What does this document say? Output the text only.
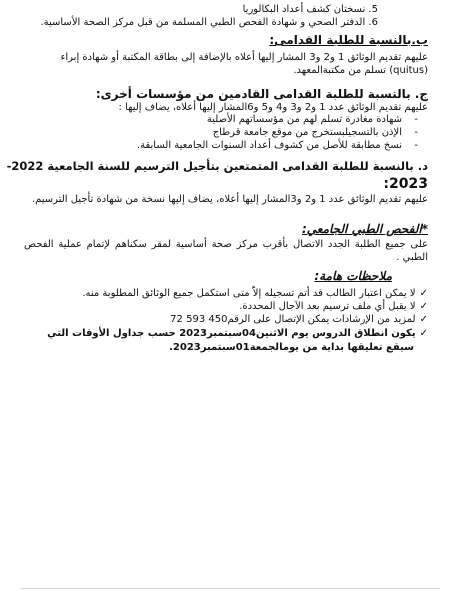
5. نسختان كشف أعداد البكالوريا
6. الدفتر الصحي و شهادة الفحص الطبي المسلمة من قبل مركز الصحة الأساسية.
ب.بالنسبة للطلبة القدامى:
عليهم تقديم الوثائق 1 و2 و3 المشار إليها أعلاه بالإضافة إلى بطاقة المكتبة أو شهادة إبراء
(quitus) تسلم من مكتبةالمعهد.
ج. بالنسبة للطلبة القدامى القادمين من مؤسسات أخرى:
عليهم تقديم الوثائق عدد 1 و2 و3 و4 و5 و6المشار إليها أعلاه، يضاف إليها :
-
شهادة مغادرة تسلم لهم من مؤسساتهم الأصلية
-
الإذن بالتسجيلبستخرج من موقع جامعة قرطاج
-
نسخ مطابقة للأصل من كشوف أعداد السنوات الجامعية السابقة.
د. بالنسبة للطلبة القدامى المتمتعين بتأجيل الترسيم للسنة الجامعية 2022-
2023:
عليهم تقديم الوثائق عدد 1 و2 و3المشار إليها أعلاه، يضاف إليها نسخة من شهادة تأجيل الترسيم.
*الفحص الطبي الجامعي:
على جميع الطلبة الجدد الاتصال بأقرب مركز صحة أساسية لمقر سكناهم لإتمام عملية الفحص الطبي .
ملاحظات هامة:
✓لا يمكن اعتبار الطالب قد أتم تسجيله إلاّ متى استكمل جميع الوثائق المطلوبة منه.
✓لا يقبل أي ملف ترسيم بعد الآجال المحددة.
✓لمزيد من الإرشادات يمكن الإتصال على الرقم450 593 72
✓يكون انطلاق الدروس يوم الاثنين04سبتمبر2023 حسب جداول الأوقات التي
سيقع تعليقها بداية من يومالجمعة01سبتمبر2023.
